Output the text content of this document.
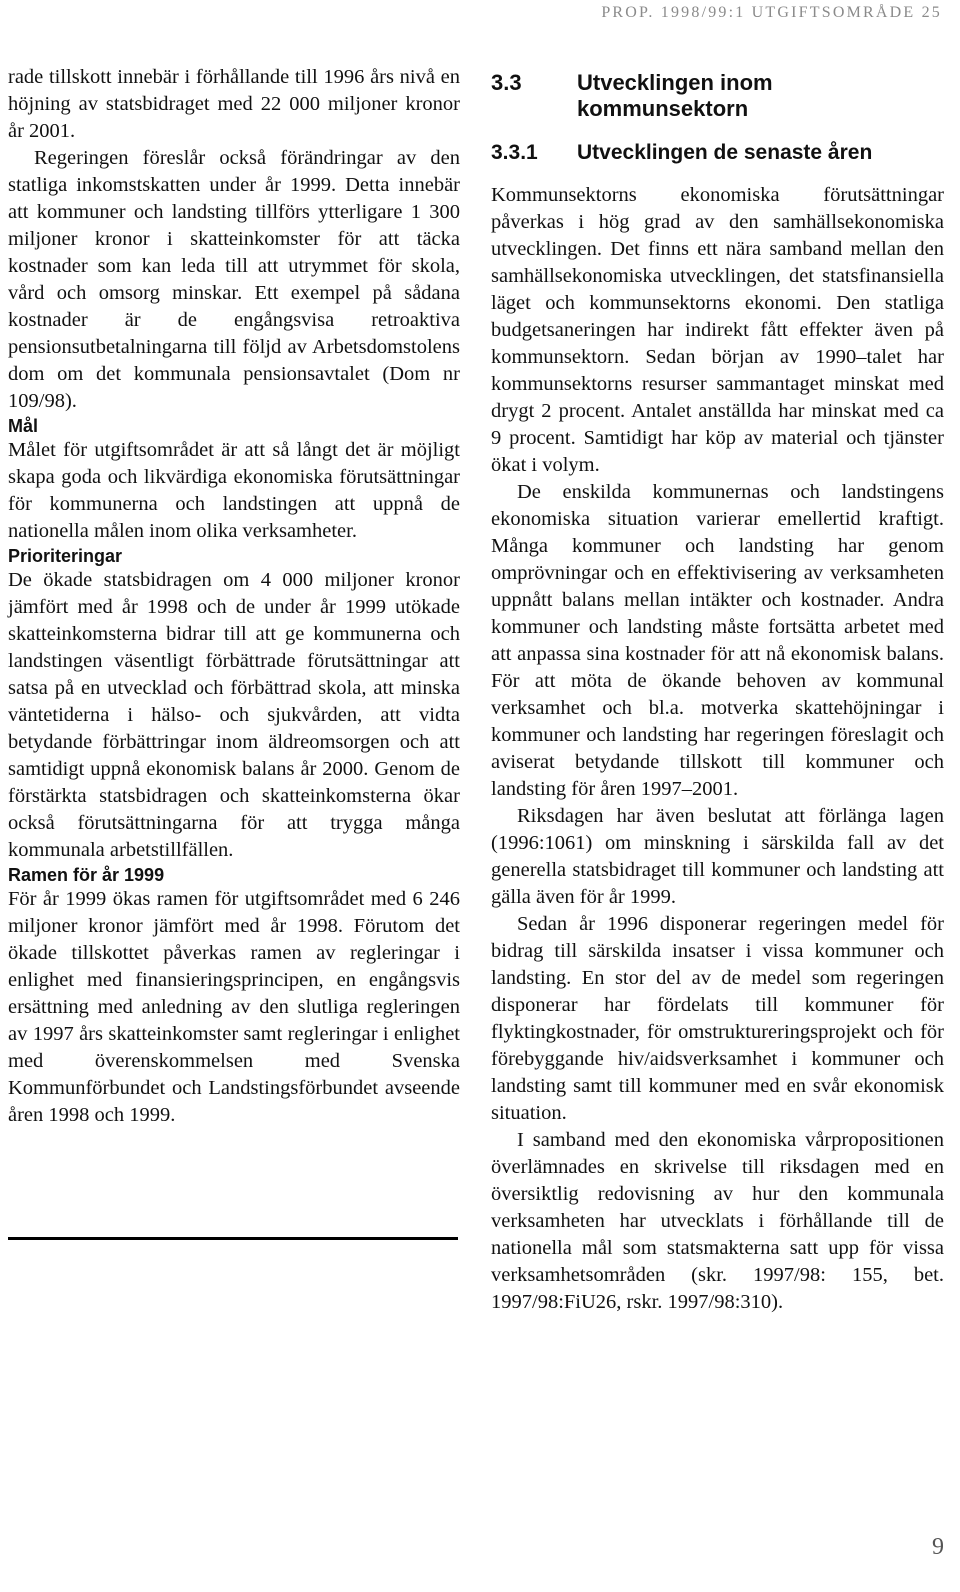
PROP. 1998/99:1 UTGIFTSOMRÅDE 25

rade tillskott innebär i förhållande till 1996 års nivå en höjning av statsbidraget med 22 000 miljoner kronor år 2001.

Regeringen föreslår också förändringar av den statliga inkomstskatten under år 1999. Detta innebär att kommuner och landsting tillförs ytterligare 1 300 miljoner kronor i skatteinkomster för att täcka kostnader som kan leda till att utrymmet för skola, vård och omsorg minskar. Ett exempel på sådana kostnader är de engångsvisa retroaktiva pensionsutbetalningarna till följd av Arbetsdomstolens dom om det kommunala pensionsavtalet (Dom nr 109/98).

Mål

Målet för utgiftsområdet är att så långt det är möjligt skapa goda och likvärdiga ekonomiska förutsättningar för kommunerna och landstingen att uppnå de nationella målen inom olika verksamheter.

Prioriteringar

De ökade statsbidragen om 4 000 miljoner kronor jämfört med år 1998 och de under år 1999 utökade skatteinkomsterna bidrar till att ge kommunerna och landstingen väsentligt förbättrade förutsättningar att satsa på en utvecklad och förbättrad skola, att minska väntetiderna i hälso- och sjukvården, att vidta betydande förbättringar inom äldreomsorgen och att samtidigt uppnå ekonomisk balans år 2000. Genom de förstärkta statsbidragen och skatteinkomsterna ökar också förutsättningarna för att trygga många kommunala arbetstillfällen.

Ramen för år 1999

För år 1999 ökas ramen för utgiftsområdet med 6 246 miljoner kronor jämfört med år 1998. Förutom det ökade tillskottet påverkas ramen av regleringar i enlighet med finansieringsprincipen, en engångsvis ersättning med anledning av den slutliga regleringen av 1997 års skatteinkomster samt regleringar i enlighet med överenskommelsen med Svenska Kommunförbundet och Landstingsförbundet avseende åren 1998 och 1999.

3.3	Utvecklingen inom kommunsektorn
3.3.1	Utvecklingen de senaste åren

Kommunsektorns ekonomiska förutsättningar påverkas i hög grad av den samhällsekonomiska utvecklingen. Det finns ett nära samband mellan den samhällsekonomiska utvecklingen, det statsfinansiella läget och kommunsektorns ekonomi. Den statliga budgetsaneringen har indirekt fått effekter även på kommunsektorn. Sedan början av 1990–talet har kommunsektorns resurser sammantaget minskat med drygt 2 procent. Antalet anställda har minskat med ca 9 procent. Samtidigt har köp av material och tjänster ökat i volym.

De enskilda kommunernas och landstingens ekonomiska situation varierar emellertid kraftigt. Många kommuner och landsting har genom omprövningar och en effektivisering av verksamheten uppnått balans mellan intäkter och kostnader. Andra kommuner och landsting måste fortsätta arbetet med att anpassa sina kostnader för att nå ekonomisk balans. För att möta de ökande behoven av kommunal verksamhet och bl.a. motverka skattehöjningar i kommuner och landsting har regeringen föreslagit och aviserat betydande tillskott till kommuner och landsting för åren 1997–2001.

Riksdagen har även beslutat att förlänga lagen (1996:1061) om minskning i särskilda fall av det generella statsbidraget till kommuner och landsting att gälla även för år 1999.

Sedan år 1996 disponerar regeringen medel för bidrag till särskilda insatser i vissa kommuner och landsting. En stor del av de medel som regeringen disponerar har fördelats till kommuner för flyktingkostnader, för omstruktureringsprojekt och för förebyggande hiv/aidsverksamhet i kommuner och landsting samt till kommuner med en svår ekonomisk situation.

I samband med den ekonomiska vårpropositionen överlämnades en skrivelse till riksdagen med en översiktlig redovisning av hur den kommunala verksamheten har utvecklats i förhållande till de nationella mål som statsmakterna satt upp för vissa verksamhetsområden (skr. 1997/98: 155, bet. 1997/98:FiU26, rskr. 1997/98:310).

9
